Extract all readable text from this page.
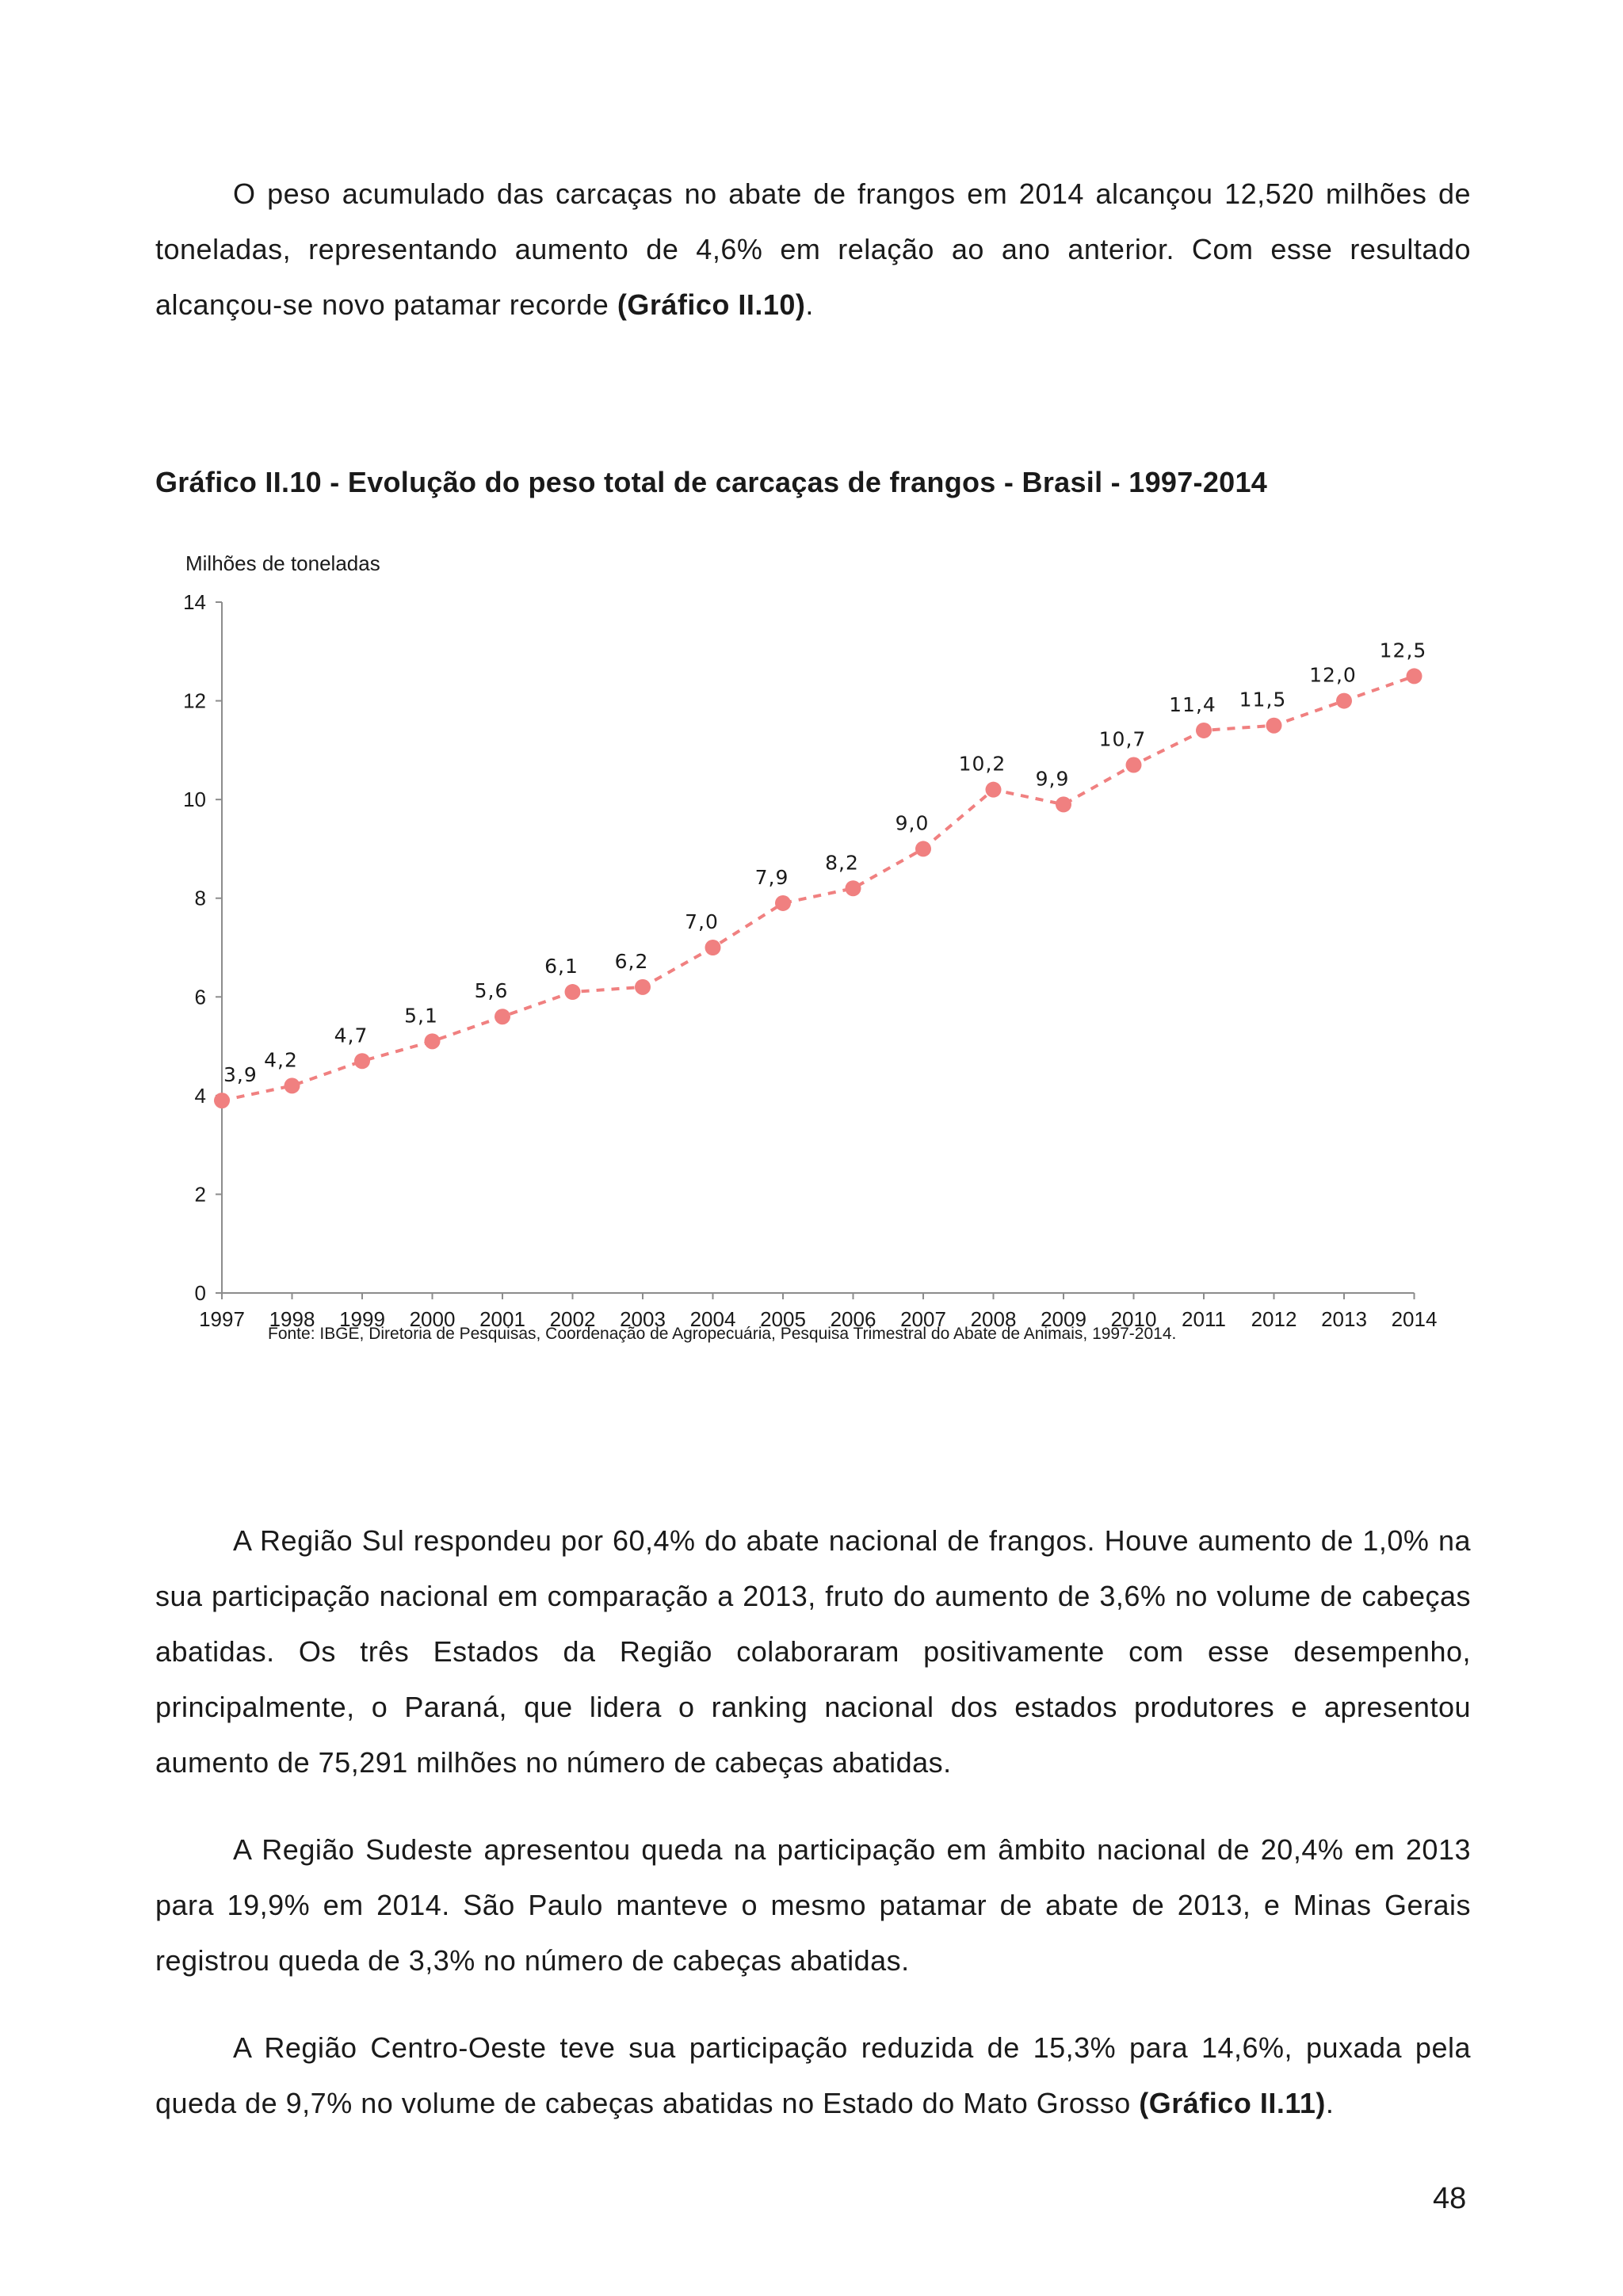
O peso acumulado das carcaças no abate de frangos em 2014 alcançou 12,520 milhões de toneladas, representando aumento de 4,6% em relação ao ano anterior. Com esse resultado alcançou-se novo patamar recorde (Gráfico II.10).
Gráfico II.10 - Evolução do peso total de carcaças de frangos - Brasil - 1997-2014
Milhões de toneladas
0
2
4
6
8
10
12
14
1997 1998 1999 2000 2001 2002 2003 2004 2005 2006 2007 2008 2009 2010 2011 2012 2013 2014
3,9
4,2
4,7
5,1
5,6
6,1 6,2
7,0
7,9
8,2
9,0
10,2
9,9
10,7
11,4 11,5
12,0
12,5
Fonte: IBGE, Diretoria de Pesquisas, Coordenação de Agropecuária, Pesquisa Trimestral do Abate de Animais, 1997-2014.
A Região Sul respondeu por 60,4% do abate nacional de frangos. Houve aumento de 1,0% na sua participação nacional em comparação a 2013, fruto do aumento de 3,6% no volume de cabeças abatidas. Os três Estados da Região colaboraram positivamente com esse desempenho, principalmente, o Paraná, que lidera o ranking nacional dos estados produtores e apresentou aumento de 75,291 milhões no número de cabeças abatidas.
A Região Sudeste apresentou queda na participação em âmbito nacional de 20,4% em 2013 para 19,9% em 2014. São Paulo manteve o mesmo patamar de abate de 2013, e Minas Gerais registrou queda de 3,3% no número de cabeças abatidas.
A Região Centro-Oeste teve sua participação reduzida de 15,3% para 14,6%, puxada pela queda de 9,7% no volume de cabeças abatidas no Estado do Mato Grosso (Gráfico II.11).
48
